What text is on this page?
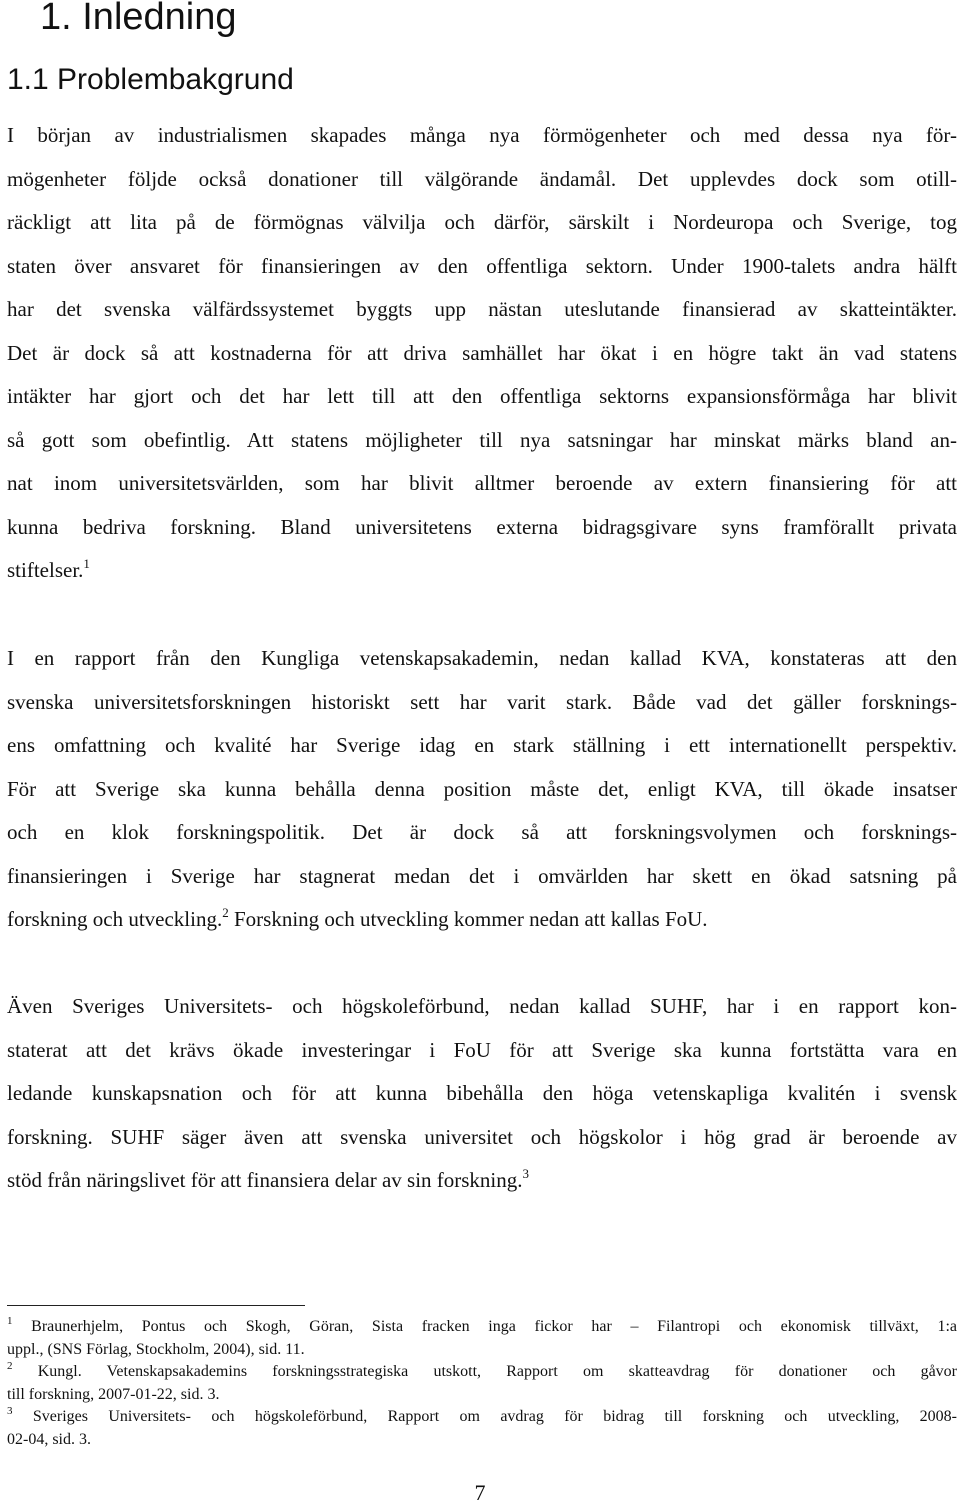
1. Inledning
1.1 Problembakgrund
I början av industrialismen skapades många nya förmögenheter och med dessa nya för-
mögenheter följde också donationer till välgörande ändamål. Det upplevdes dock som otill-
räckligt att lita på de förmögnas välvilja och därför, särskilt i Nordeuropa och Sverige, tog
staten över ansvaret för finansieringen av den offentliga sektorn. Under 1900-talets andra hälft
har det svenska välfärdssystemet byggts upp nästan uteslutande finansierad av skatteintäkter.
Det är dock så att kostnaderna för att driva samhället har ökat i en högre takt än vad statens
intäkter har gjort och det har lett till att den offentliga sektorns expansionsförmåga har blivit
så gott som obefintlig. Att statens möjligheter till nya satsningar har minskat märks bland an-
nat inom universitetsvärlden, som har blivit alltmer beroende av extern finansiering för att
kunna bedriva forskning. Bland universitetens externa bidragsgivare syns framförallt privata
stiftelser.$^1$
I en rapport från den Kungliga vetenskapsakademin, nedan kallad KVA, konstateras att den
svenska universitetsforskningen historiskt sett har varit stark. Både vad det gäller forsknings-
ens omfattning och kvalité har Sverige idag en stark ställning i ett internationellt perspektiv.
För att Sverige ska kunna behålla denna position måste det, enligt KVA, till ökade insatser
och en klok forskningspolitik. Det är dock så att forskningsvolymen och forsknings-
finansieringen i Sverige har stagnerat medan det i omvärlden har skett en ökad satsning på
forskning och utveckling.$^2$ Forskning och utveckling kommer nedan att kallas FoU.
Även Sveriges Universitets- och högskoleförbund, nedan kallad SUHF, har i en rapport kon-
staterat att det krävs ökade investeringar i FoU för att Sverige ska kunna fortstätta vara en
ledande kunskapsnation och för att kunna bibehålla den höga vetenskapliga kvalitén i svensk
forskning. SUHF säger även att svenska universitet och högskolor i hög grad är beroende av
stöd från näringslivet för att finansiera delar av sin forskning.$^3$
$^1$ Braunerhjelm, Pontus och Skogh, Göran, Sista fracken inga fickor har – Filantropi och ekonomisk tillväxt, 1:a
uppl., (SNS Förlag, Stockholm, 2004), sid. 11.
$^2$ Kungl. Vetenskapsakademins forskningsstrategiska utskott, Rapport om skatteavdrag för donationer och gåvor
till forskning, 2007-01-22, sid. 3.
$^3$ Sveriges Universitets- och högskoleförbund, Rapport om avdrag för bidrag till forskning och utveckling, 2008-
02-04, sid. 3.
7
